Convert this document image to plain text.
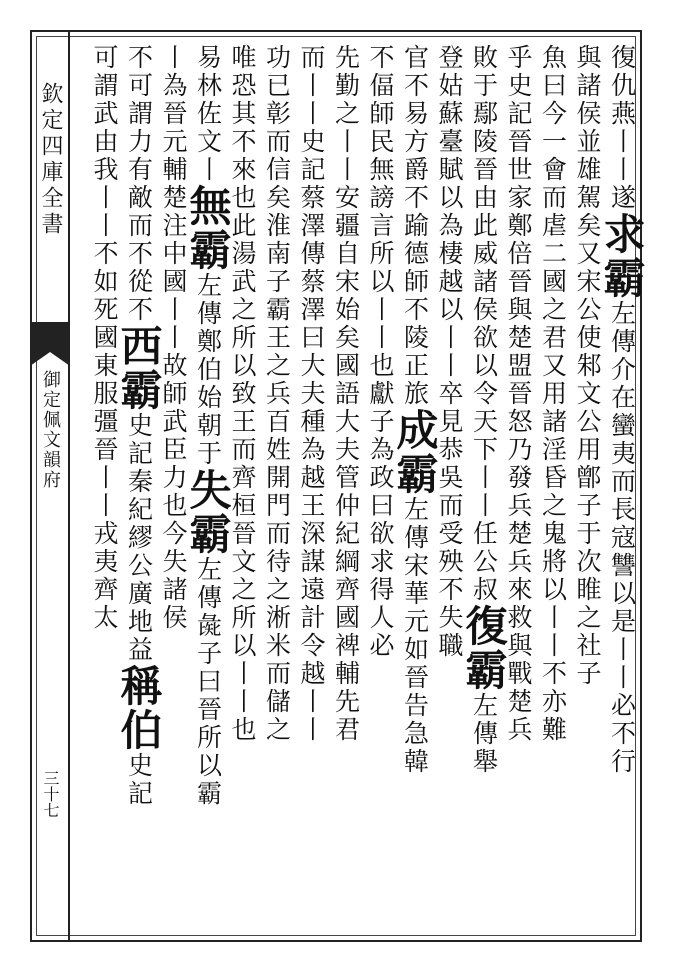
欽定四庫全書
御定佩文韻府
三十七
復仇燕丨丨遂求霸左傳介在蠻夷而長寇讐以是丨丨必不行
與諸侯並雄駕矣又宋公使邾文公用鄫子于次睢之社子
魚曰今一會而虐二國之君又用諸淫昏之鬼將以丨丨不亦難
乎史記晉世家鄭倍晉與楚盟晉怒乃發兵楚兵來救與戰楚兵
敗于鄢陵晉由此威諸侯欲以令天下丨丨任公叔復霸左傳舉
登姑蘇臺賦以為棲越以丨丨卒見恭吳而受殃不失職
官不易方爵不踰德師不陵正旅成霸左傳宋華元如晉告急韓
不偪師民無謗言所以丨丨也獻子為政曰欲求得人必
先勤之丨丨安疆自宋始矣國語大夫管仲紀綱齊國裨輔先君
而丨丨史記蔡澤傳蔡澤曰大夫種為越王深謀遠計令越丨丨
功已彰而信矣淮南子霸王之兵百姓開門而待之淅米而儲之
唯恐其不來也此湯武之所以致王而齊桓晉文之所以丨丨也
易林佐文丨無霸左傳鄭伯始朝于失霸左傳彘子曰晉所以霸
丨為晉元輔楚注中國丨丨故師武臣力也今失諸侯
不可謂力有敵而不從不西霸史記秦紀繆公廣地益稱伯史記
可謂武由我丨丨不如死國東服彊晉丨丨戎夷齊太
